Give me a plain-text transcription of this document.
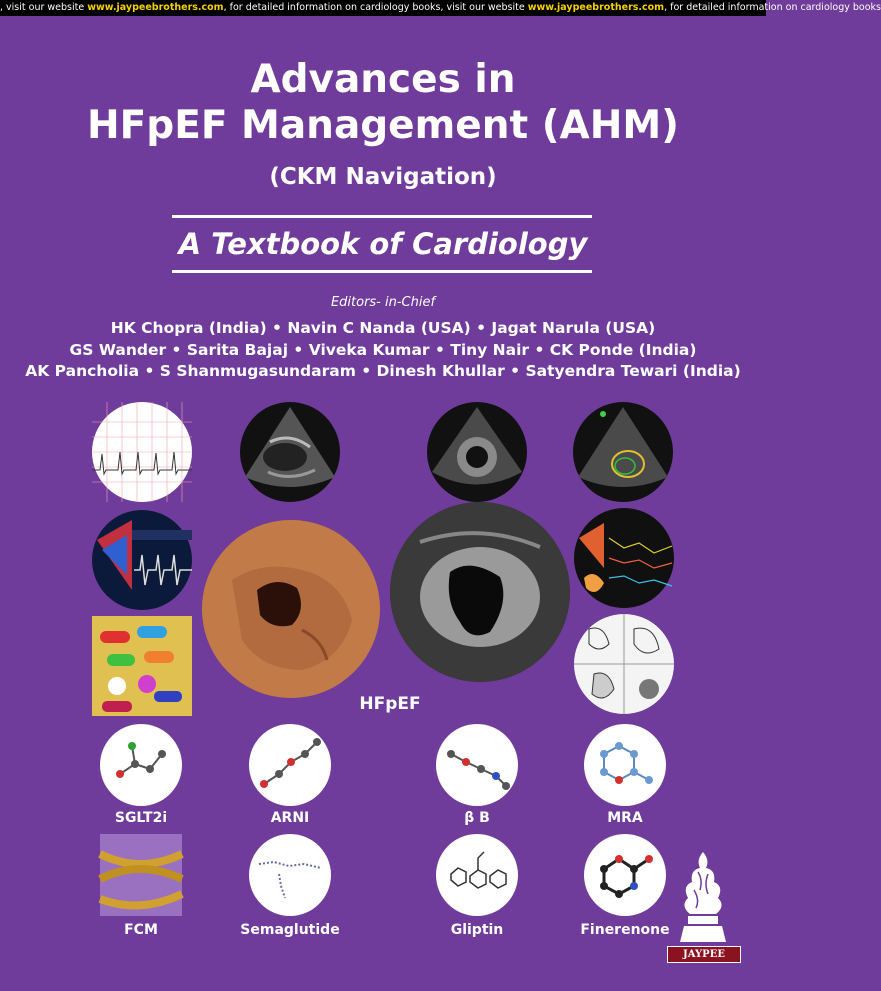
, visit our website www.jaypeebrothers.com, for detailed information on cardiology books, visit our website www.jaypeebrothers.com, for detailed information on cardiology books
Advances in
HFpEF Management (AHM)
(CKM Navigation)
A Textbook of Cardiology
Editors- in-Chief
HK Chopra (India) • Navin C Nanda (USA) • Jagat Narula (USA)
GS Wander • Sarita Bajaj • Viveka Kumar • Tiny Nair • CK Ponde (India)
AK Pancholia • S Shanmugasundaram • Dinesh Khullar • Satyendra Tewari (India)
HFpEF
SGLT2i	ARNI	β B	MRA
FCM	Semaglutide	Gliptin	Finerenone
JAYPEE
